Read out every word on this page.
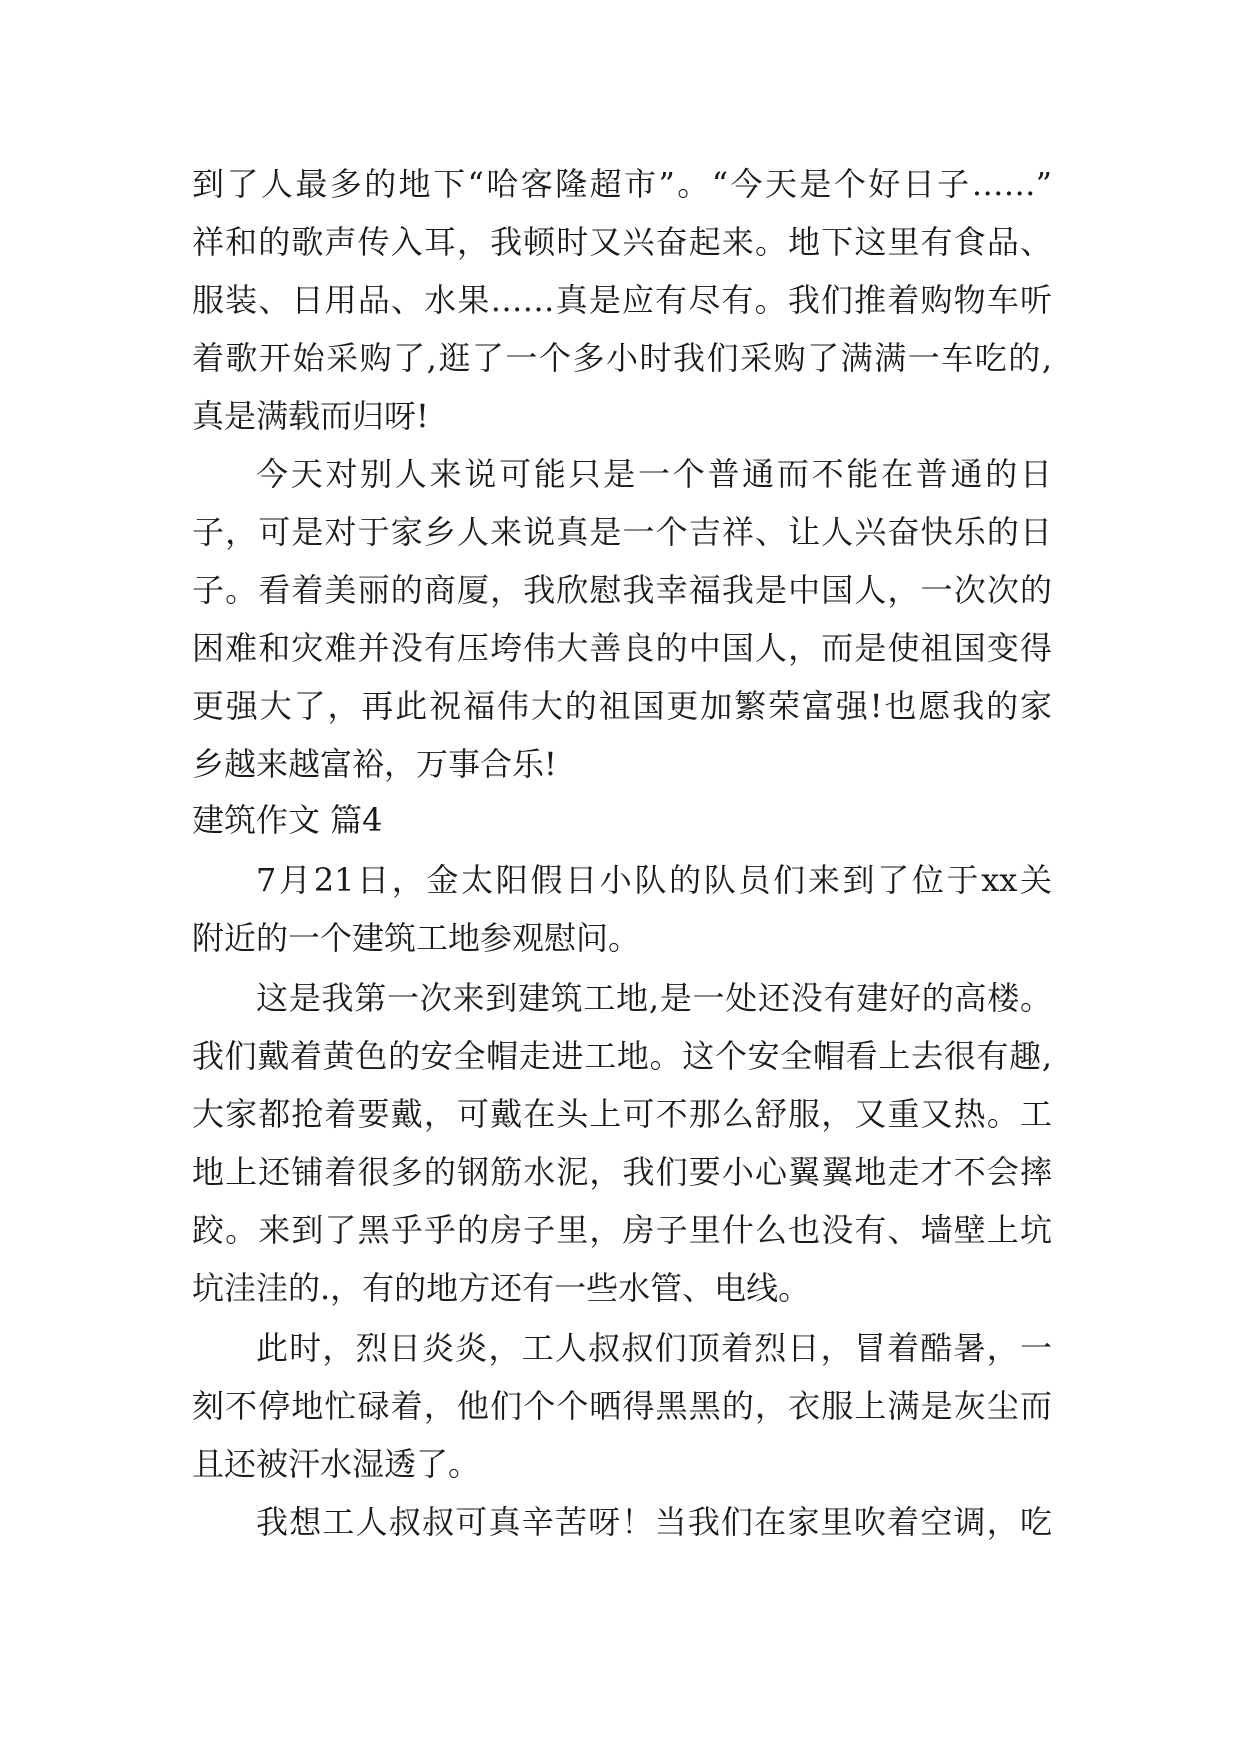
到了人最多的地下“哈客隆超市”。“今天是个好日子……”
祥和的歌声传入耳，我顿时又兴奋起来。地下这里有食品、
服装、日用品、水果……真是应有尽有。我们推着购物车听
着歌开始采购了,逛了一个多小时我们采购了满满一车吃的,
真是满载而归呀!
今天对别人来说可能只是一个普通而不能在普通的日
子，可是对于家乡人来说真是一个吉祥、让人兴奋快乐的日
子。看着美丽的商厦，我欣慰我幸福我是中国人，一次次的
困难和灾难并没有压垮伟大善良的中国人，而是使祖国变得
更强大了，再此祝福伟大的祖国更加繁荣富强!也愿我的家
乡越来越富裕，万事合乐!
建筑作文 篇4
7月21日，金太阳假日小队的队员们来到了位于xx关
附近的一个建筑工地参观慰问。
这是我第一次来到建筑工地,是一处还没有建好的高楼。
我们戴着黄色的安全帽走进工地。这个安全帽看上去很有趣,
大家都抢着要戴，可戴在头上可不那么舒服，又重又热。工
地上还铺着很多的钢筋水泥，我们要小心翼翼地走才不会摔
跤。来到了黑乎乎的房子里，房子里什么也没有、墙壁上坑
坑洼洼的.，有的地方还有一些水管、电线。
此时，烈日炎炎，工人叔叔们顶着烈日，冒着酷暑，一
刻不停地忙碌着，他们个个晒得黑黑的，衣服上满是灰尘而
且还被汗水湿透了。
我想工人叔叔可真辛苦呀！当我们在家里吹着空调，吃
